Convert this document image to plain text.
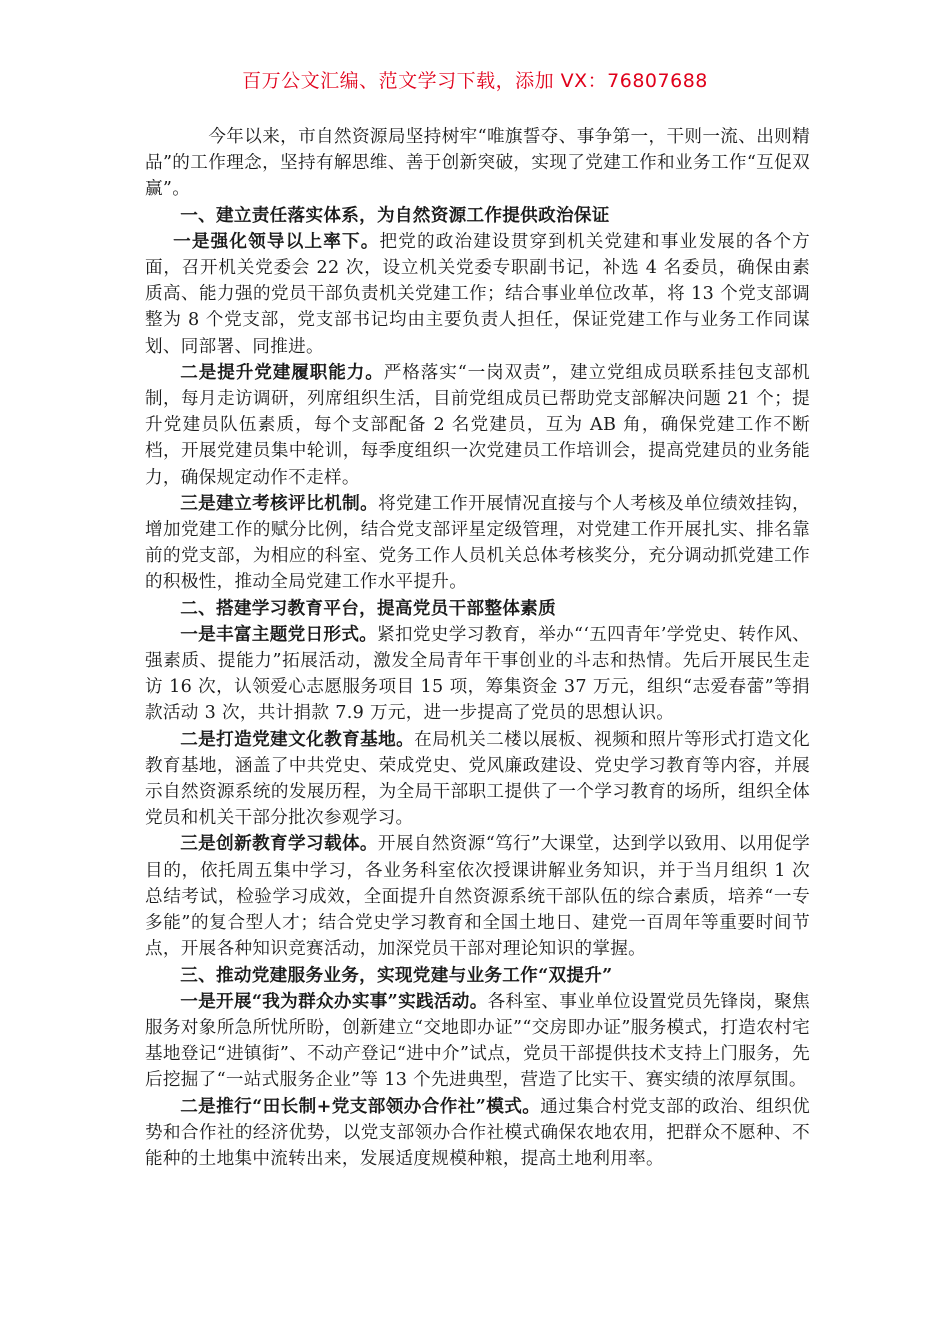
百万公文汇编、范文学习下载，添加 VX：76807688

今年以来，市自然资源局坚持树牢“唯旗誓夺、事争第一，干则一流、出则精品”的工作理念，坚持有解思维、善于创新突破，实现了党建工作和业务工作“互促双赢”。

一、建立责任落实体系，为自然资源工作提供政治保证

一是强化领导以上率下。把党的政治建设贯穿到机关党建和事业发展的各个方面，召开机关党委会 22 次，设立机关党委专职副书记，补选 4 名委员，确保由素质高、能力强的党员干部负责机关党建工作；结合事业单位改革，将 13 个党支部调整为 8 个党支部，党支部书记均由主要负责人担任，保证党建工作与业务工作同谋划、同部署、同推进。

二是提升党建履职能力。严格落实“一岗双责”，建立党组成员联系挂包支部机制，每月走访调研，列席组织生活，目前党组成员已帮助党支部解决问题 21 个；提升党建员队伍素质，每个支部配备 2 名党建员，互为 AB 角，确保党建工作不断档，开展党建员集中轮训，每季度组织一次党建员工作培训会，提高党建员的业务能力，确保规定动作不走样。

三是建立考核评比机制。将党建工作开展情况直接与个人考核及单位绩效挂钩，增加党建工作的赋分比例，结合党支部评星定级管理，对党建工作开展扎实、排名靠前的党支部，为相应的科室、党务工作人员机关总体考核奖分，充分调动抓党建工作的积极性，推动全局党建工作水平提升。

二、搭建学习教育平台，提高党员干部整体素质

一是丰富主题党日形式。紧扣党史学习教育，举办“‘五四青年’学党史、转作风、强素质、提能力”拓展活动，激发全局青年干事创业的斗志和热情。先后开展民生走访 16 次，认领爱心志愿服务项目 15 项，筹集资金 37 万元，组织“志爱春蕾”等捐款活动 3 次，共计捐款 7.9 万元，进一步提高了党员的思想认识。

二是打造党建文化教育基地。在局机关二楼以展板、视频和照片等形式打造文化教育基地，涵盖了中共党史、荣成党史、党风廉政建设、党史学习教育等内容，并展示自然资源系统的发展历程，为全局干部职工提供了一个学习教育的场所，组织全体党员和机关干部分批次参观学习。

三是创新教育学习载体。开展自然资源“笃行”大课堂，达到学以致用、以用促学目的，依托周五集中学习，各业务科室依次授课讲解业务知识，并于当月组织 1 次总结考试，检验学习成效，全面提升自然资源系统干部队伍的综合素质，培养“一专多能”的复合型人才；结合党史学习教育和全国土地日、建党一百周年等重要时间节点，开展各种知识竞赛活动，加深党员干部对理论知识的掌握。

三、推动党建服务业务，实现党建与业务工作“双提升”

一是开展“我为群众办实事”实践活动。各科室、事业单位设置党员先锋岗，聚焦服务对象所急所忧所盼，创新建立“交地即办证”“交房即办证”服务模式，打造农村宅基地登记“进镇街”、不动产登记“进中介”试点，党员干部提供技术支持上门服务，先后挖掘了“一站式服务企业”等 13 个先进典型，营造了比实干、赛实绩的浓厚氛围。

二是推行“田长制+党支部领办合作社”模式。通过集合村党支部的政治、组织优势和合作社的经济优势，以党支部领办合作社模式确保农地农用，把群众不愿种、不能种的土地集中流转出来，发展适度规模种粮，提高土地利用率。
